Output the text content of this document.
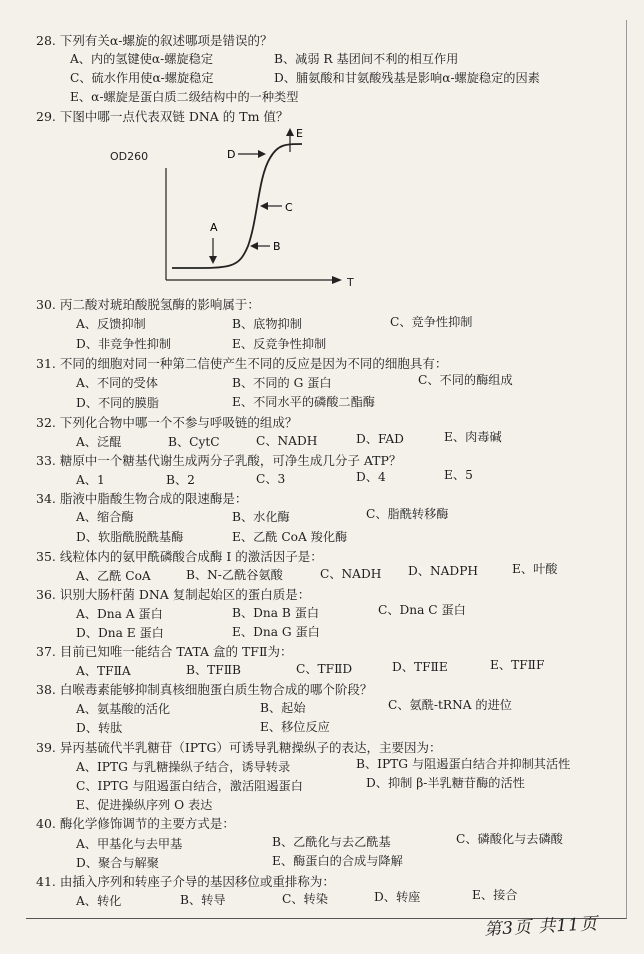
28. 下列有关α-螺旋的叙述哪项是错误的？
A、内的氢键使α-螺旋稳定	B、减弱 R 基团间不利的相互作用
C、硫水作用使α-螺旋稳定	D、脯氨酸和甘氨酸残基是影响α-螺旋稳定的因素
E、α-螺旋是蛋白质二级结构中的一种类型
29. 下图中哪一点代表双链 DNA 的 Tm 值？
OD260
T
E
D
C
B
A
30. 丙二酸对琥珀酸脱氢酶的影响属于：
A、反馈抑制	B、底物抑制	C、竞争性抑制
D、非竞争性抑制	E、反竞争性抑制
31. 不同的细胞对同一种第二信使产生不同的反应是因为不同的细胞具有：
A、不同的受体	B、不同的 G 蛋白	C、不同的酶组成
D、不同的膜脂	E、不同水平的磷酸二酯酶
32. 下列化合物中哪一个不参与呼吸链的组成？
A、泛醌	B、CytC	C、NADH	D、FAD	E、肉毒碱
33. 糖原中一个糖基代谢生成两分子乳酸，可净生成几分子 ATP？
A、1	B、2	C、3	D、4	E、5
34. 脂液中脂酸生物合成的限速酶是：
A、缩合酶	B、水化酶	C、脂酰转移酶
D、软脂酰脱酰基酶	E、乙酰 CoA 羧化酶
35. 线粒体内的氨甲酰磷酸合成酶 I 的激活因子是：
A、乙酰 CoA	B、N-乙酰谷氨酸	C、NADH D、NADPH	E、叶酸
36. 识别大肠杆菌 DNA 复制起始区的蛋白质是：
A、Dna A 蛋白	B、Dna B 蛋白	C、Dna C 蛋白
D、Dna E 蛋白	E、Dna G 蛋白
37. 目前已知唯一能结合 TATA 盒的 TFⅡ为：
A、TFⅡA	B、TFⅡB	C、TFⅡD	D、TFⅡE	E、TFⅡF
38. 白喉毒素能够抑制真核细胞蛋白质生物合成的哪个阶段？
A、氨基酸的活化	B、起始	C、氨酰-tRNA 的进位
D、转肽	E、移位反应
39. 异丙基硫代半乳糖苷（IPTG）可诱导乳糖操纵子的表达，主要因为：
A、IPTG 与乳糖操纵子结合，诱导转录	B、IPTG 与阻遏蛋白结合并抑制其活性
C、IPTG 与阻遏蛋白结合，激活阻遏蛋白	D、抑制 β-半乳糖苷酶的活性
E、促进操纵序列 O 表达
40. 酶化学修饰调节的主要方式是：
A、甲基化与去甲基	B、乙酰化与去乙酰基	C、磷酸化与去磷酸
D、聚合与解聚	E、酶蛋白的合成与降解
41. 由插入序列和转座子介导的基因移位或重排称为：
A、转化	B、转导	C、转染	D、转座	E、接合
第3页 共11页
